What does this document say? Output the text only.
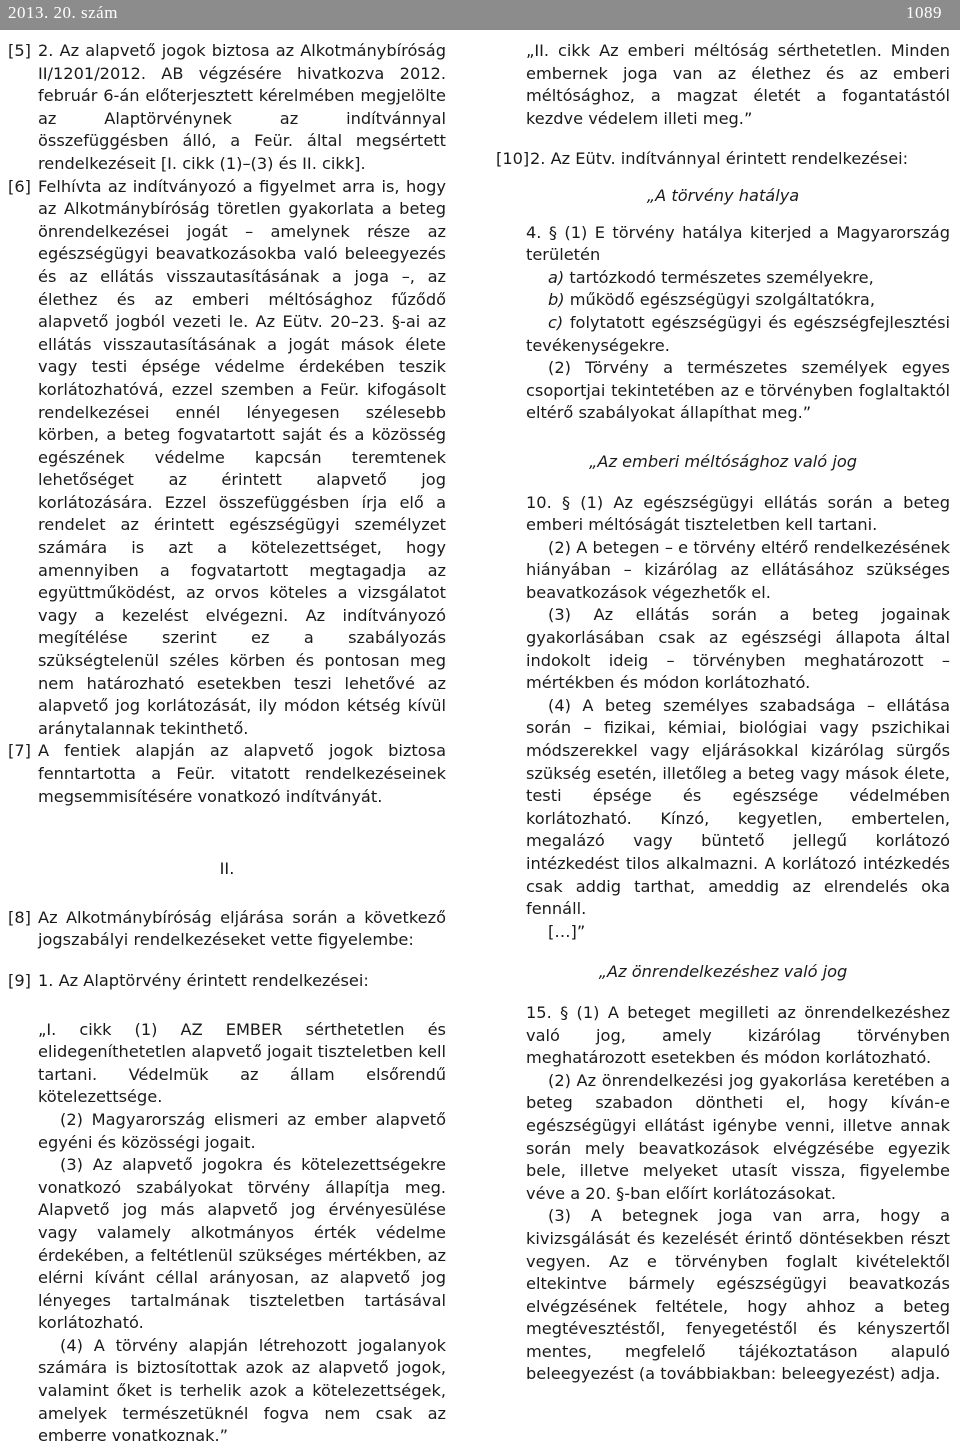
2013. 20. szám	1089
[5] 2. Az alapvető jogok biztosa az Alkotmánybíróság II/1201/2012. AB végzésére hivatkozva 2012. február 6-án előterjesztett kérelmében megjelölte az Alaptörvénynek az indítvánnyal összefüggésben álló, a Feür. által megsértett rendelkezéseit [I. cikk (1)–(3) és II. cikk].
[6] Felhívta az indítványozó a figyelmet arra is, hogy az Alkotmánybíróság töretlen gyakorlata a beteg önrendelkezései jogát – amelynek része az egészségügyi beavatkozásokba való beleegyezés és az ellátás visszautasításának a joga –, az élethez és az emberi méltósághoz fűződő alapvető jogból vezeti le. Az Eütv. 20–23. §-ai az ellátás visszautasításának a jogát mások élete vagy testi épsége védelme érdekében teszik korlátozhatóvá, ezzel szemben a Feür. kifogásolt rendelkezései ennél lényegesen szélesebb körben, a beteg fogvatartott saját és a közösség egészének védelme kapcsán teremtenek lehetőséget az érintett alapvető jog korlátozására. Ezzel összefüggésben írja elő a rendelet az érintett egészségügyi személyzet számára is azt a kötelezettséget, hogy amennyiben a fogvatartott megtagadja az együttműködést, az orvos köteles a vizsgálatot vagy a kezelést elvégezni. Az indítványozó megítélése szerint ez a szabályozás szükségtelenül széles körben és pontosan meg nem határozható esetekben teszi lehetővé az alapvető jog korlátozását, ily módon kétség kívül aránytalannak tekinthető.
[7] A fentiek alapján az alapvető jogok biztosa fenntartotta a Feür. vitatott rendelkezéseinek megsemmisítésére vonatkozó indítványát.

II.

[8] Az Alkotmánybíróság eljárása során a következő jogszabályi rendelkezéseket vette figyelembe:
[9] 1. Az Alaptörvény érintett rendelkezései:

„I. cikk (1) AZ EMBER sérthetetlen és elidegeníthetetlen alapvető jogait tiszteletben kell tartani. Védelmük az állam elsőrendű kötelezettsége.

(2) Magyarország elismeri az ember alapvető egyéni és közösségi jogait.

(3) Az alapvető jogokra és kötelezettségekre vonatkozó szabályokat törvény állapítja meg. Alapvető jog más alapvető jog érvényesülése vagy valamely alkotmányos érték védelme érdekében, a feltétlenül szükséges mértékben, az elérni kívánt céllal arányosan, az alapvető jog lényeges tartalmának tiszteletben tartásával korlátozható.

(4) A törvény alapján létrehozott jogalanyok számára is biztosítottak azok az alapvető jogok, valamint őket is terhelik azok a kötelezettségek, amelyek természetüknél fogva nem csak az emberre vonatkoznak.”

„II. cikk Az emberi méltóság sérthetetlen. Minden embernek joga van az élethez és az emberi méltósághoz, a magzat életét a fogantatástól kezdve védelem illeti meg.”

[10] 2. Az Eütv. indítvánnyal érintett rendelkezései:

„A törvény hatálya

4. § (1) E törvény hatálya kiterjed a Magyarország területén

a) tartózkodó természetes személyekre,
b) működő egészségügyi szolgáltatókra,
c) folytatott egészségügyi és egészségfejlesztési tevékenységekre.

(2) Törvény a természetes személyek egyes csoportjai tekintetében az e törvényben foglaltaktól eltérő szabályokat állapíthat meg.”

„Az emberi méltósághoz való jog

10. § (1) Az egészségügyi ellátás során a beteg emberi méltóságát tiszteletben kell tartani.

(2) A betegen – e törvény eltérő rendelkezésének hiányában – kizárólag az ellátásához szükséges beavatkozások végezhetők el.

(3) Az ellátás során a beteg jogainak gyakorlásában csak az egészségi állapota által indokolt ideig – törvényben meghatározott – mértékben és módon korlátozható.

(4) A beteg személyes szabadsága – ellátása során – fizikai, kémiai, biológiai vagy pszichikai módszerekkel vagy eljárásokkal kizárólag sürgős szükség esetén, illetőleg a beteg vagy mások élete, testi épsége és egészsége védelmében korlátozható. Kínzó, kegyetlen, embertelen, megalázó vagy büntető jellegű korlátozó intézkedést tilos alkalmazni. A korlátozó intézkedés csak addig tarthat, ameddig az elrendelés oka fennáll.

[…]”

„Az önrendelkezéshez való jog

15. § (1) A beteget megilleti az önrendelkezéshez való jog, amely kizárólag törvényben meghatározott esetekben és módon korlátozható.

(2) Az önrendelkezési jog gyakorlása keretében a beteg szabadon döntheti el, hogy kíván-e egészségügyi ellátást igénybe venni, illetve annak során mely beavatkozások elvégzésébe egyezik bele, illetve melyeket utasít vissza, figyelembe véve a 20. §-ban előírt korlátozásokat.

(3) A betegnek joga van arra, hogy a kivizsgálását és kezelését érintő döntésekben részt vegyen. Az e törvényben foglalt kivételektől eltekintve bármely egészségügyi beavatkozás elvégzésének feltétele, hogy ahhoz a beteg megtévesztéstől, fenyegetéstől és kényszertől mentes, megfelelő tájékoztatáson alapuló beleegyezést (a továbbiakban: beleegyezést) adja.
